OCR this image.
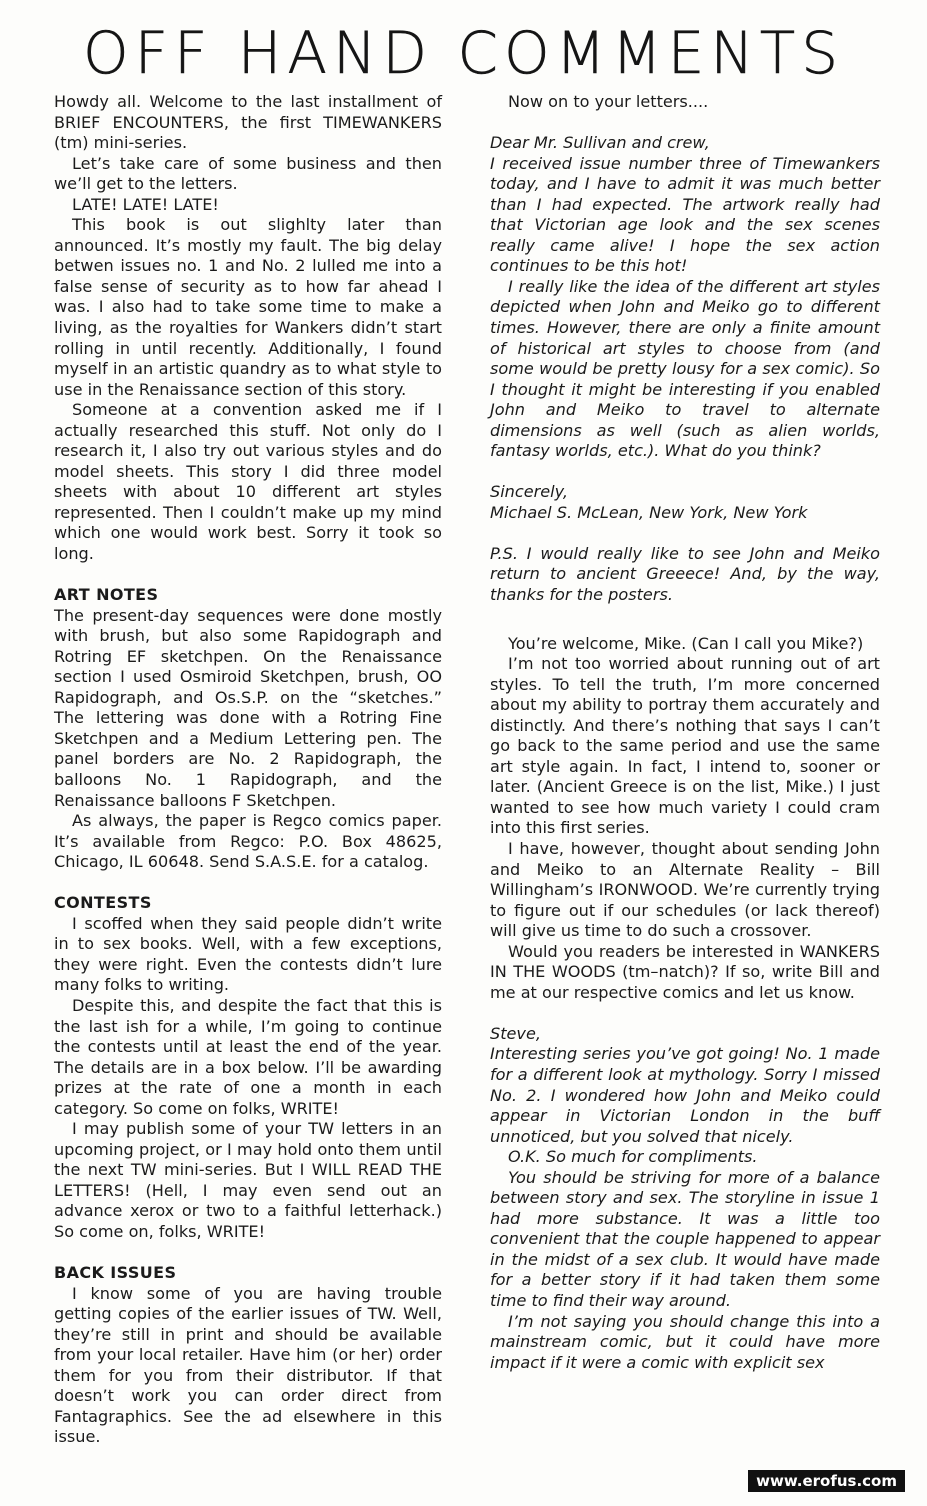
OFF HAND COMMENTS

Howdy all. Welcome to the last installment of BRIEF ENCOUNTERS, the first TIMEWANKERS (tm) mini-series.

Let’s take care of some business and then we’ll get to the letters.

LATE! LATE! LATE!

This book is out slighlty later than announced. It’s mostly my fault. The big delay betwen issues no. 1 and No. 2 lulled me into a false sense of security as to how far ahead I was. I also had to take some time to make a living, as the royalties for Wankers didn’t start rolling in until recently. Additionally, I found myself in an artistic quandry as to what style to use in the Renaissance section of this story.

Someone at a convention asked me if I actually researched this stuff. Not only do I research it, I also try out various styles and do model sheets. This story I did three model sheets with about 10 different art styles represented. Then I couldn’t make up my mind which one would work best. Sorry it took so long.

ART NOTES

The present-day sequences were done mostly with brush, but also some Rapidograph and Rotring EF sketchpen. On the Renaissance section I used Osmiroid Sketchpen, brush, OO Rapidograph, and Os.S.P. on the “sketches.” The lettering was done with a Rotring Fine Sketchpen and a Medium Lettering pen. The panel borders are No. 2 Rapidograph, the balloons No. 1 Rapidograph, and the Renaissance balloons F Sketchpen.

As always, the paper is Regco comics paper. It’s available from Regco: P.O. Box 48625, Chicago, IL 60648. Send S.A.S.E. for a catalog.

CONTESTS

I scoffed when they said people didn’t write in to sex books. Well, with a few exceptions, they were right. Even the contests didn’t lure many folks to writing.

Despite this, and despite the fact that this is the last ish for a while, I’m going to continue the contests until at least the end of the year. The details are in a box below. I’ll be awarding prizes at the rate of one a month in each category. So come on folks, WRITE!

I may publish some of your TW letters in an upcoming project, or I may hold onto them until the next TW mini-series. But I WILL READ THE LETTERS! (Hell, I may even send out an advance xerox or two to a faithful letterhack.) So come on, folks, WRITE!

BACK ISSUES

I know some of you are having trouble getting copies of the earlier issues of TW. Well, they’re still in print and should be available from your local retailer. Have him (or her) order them for you from their distributor. If that doesn’t work you can order direct from Fantagraphics. See the ad elsewhere in this issue.

Now on to your letters....

Dear Mr. Sullivan and crew,

I received issue number three of Timewankers today, and I have to admit it was much better than I had expected. The artwork really had that Victorian age look and the sex scenes really came alive! I hope the sex action continues to be this hot!

I really like the idea of the different art styles depicted when John and Meiko go to different times. However, there are only a finite amount of historical art styles to choose from (and some would be pretty lousy for a sex comic). So I thought it might be interesting if you enabled John and Meiko to travel to alternate dimensions as well (such as alien worlds, fantasy worlds, etc.). What do you think?

Sincerely,

Michael S. McLean, New York, New York

P.S. I would really like to see John and Meiko return to ancient Greeece! And, by the way, thanks for the posters.

You’re welcome, Mike. (Can I call you Mike?)

I’m not too worried about running out of art styles. To tell the truth, I’m more concerned about my ability to portray them accurately and distinctly. And there’s nothing that says I can’t go back to the same period and use the same art style again. In fact, I intend to, sooner or later. (Ancient Greece is on the list, Mike.) I just wanted to see how much variety I could cram into this first series.

I have, however, thought about sending John and Meiko to an Alternate Reality – Bill Willingham’s IRONWOOD. We’re currently trying to figure out if our schedules (or lack thereof) will give us time to do such a crossover.

Would you readers be interested in WANKERS IN THE WOODS (tm–natch)? If so, write Bill and me at our respective comics and let us know.

Steve,

Interesting series you’ve got going! No. 1 made for a different look at mythology. Sorry I missed No. 2. I wondered how John and Meiko could appear in Victorian London in the buff unnoticed, but you solved that nicely.

O.K. So much for compliments.

You should be striving for more of a balance between story and sex. The storyline in issue 1 had more substance. It was a little too convenient that the couple happened to appear in the midst of a sex club. It would have made for a better story if it had taken them some time to find their way around.

I’m not saying you should change this into a mainstream comic, but it could have more impact if it were a comic with explicit sex

www.erofus.com
